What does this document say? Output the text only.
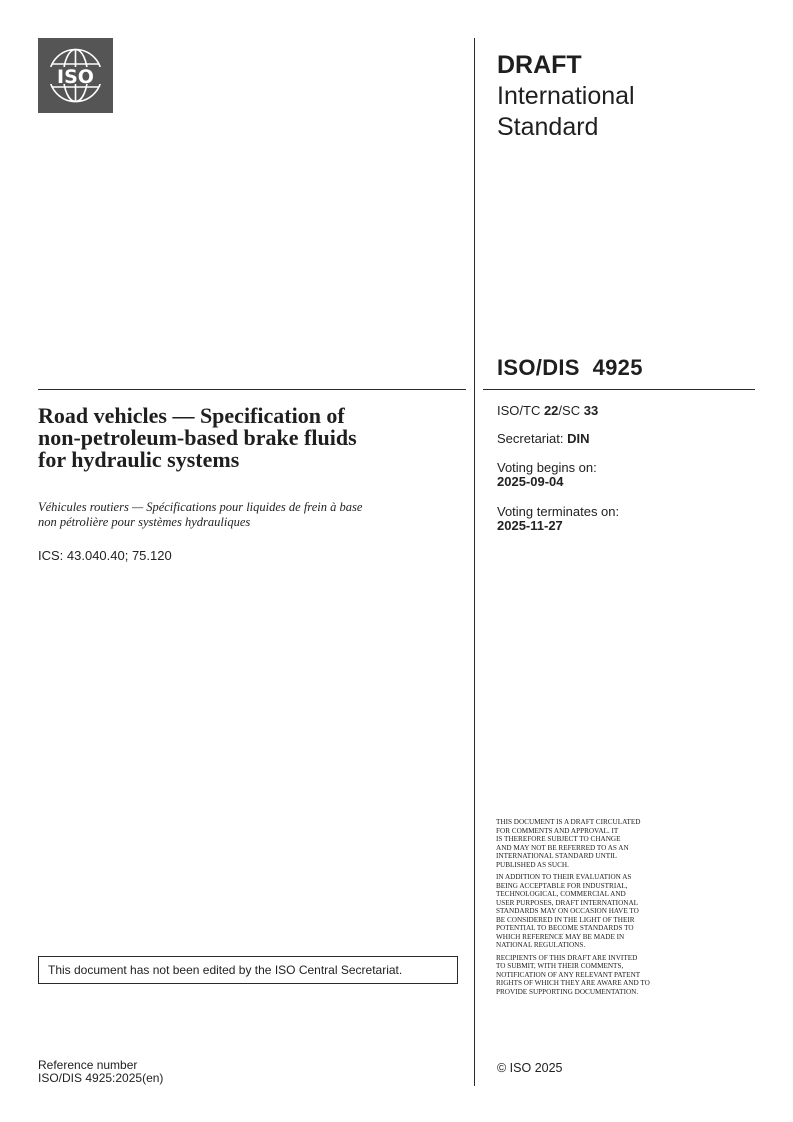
ISO	DRAFT
International
Standard
ISO/DIS  4925
Road vehicles — Specification of
non-petroleum-based brake fluids
for hydraulic systems
Véhicules routiers — Spécifications pour liquides de frein à base
non pétrolière pour systèmes hydrauliques
ICS: 43.040.40; 75.120
ISO/TC 22/SC 33
Secretariat: DIN
Voting begins on:
2025-09-04
Voting terminates on:
2025-11-27

THIS DOCUMENT IS A DRAFT CIRCULATED
FOR COMMENTS AND APPROVAL. IT
IS THEREFORE SUBJECT TO CHANGE
AND MAY NOT BE REFERRED TO AS AN
INTERNATIONAL STANDARD UNTIL
PUBLISHED AS SUCH.

IN ADDITION TO THEIR EVALUATION AS
BEING ACCEPTABLE FOR INDUSTRIAL,
TECHNOLOGICAL, COMMERCIAL AND
USER PURPOSES, DRAFT INTERNATIONAL
STANDARDS MAY ON OCCASION HAVE TO
BE CONSIDERED IN THE LIGHT OF THEIR
POTENTIAL TO BECOME STANDARDS TO
WHICH REFERENCE MAY BE MADE IN
NATIONAL REGULATIONS.

RECIPIENTS OF THIS DRAFT ARE INVITED
TO SUBMIT, WITH THEIR COMMENTS,
NOTIFICATION OF ANY RELEVANT PATENT
RIGHTS OF WHICH THEY ARE AWARE AND TO
PROVIDE SUPPORTING DOCUMENTATION.

This document has not been edited by the ISO Central Secretariat.
Reference number
ISO/DIS 4925:2025(en)
© ISO 2025
